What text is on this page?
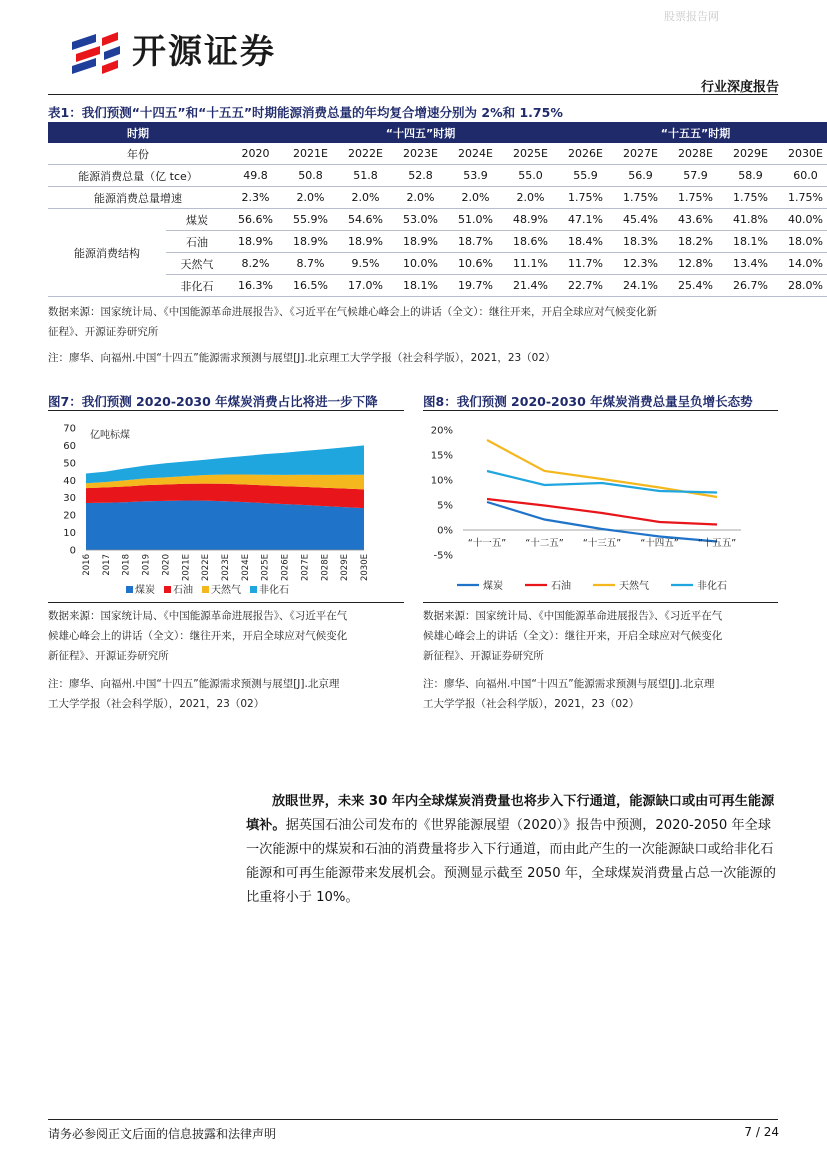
开源证券
股票报告网
行业深度报告
表1：我们预测“十四五”和“十五五”时期能源消费总量的年均复合增速分别为 2%和 1.75%
时期			“十四五”时期					“十五五”时期				
年份		2020	2021E	2022E	2023E	2024E	2025E	2026E	2027E	2028E	2029E	2030E
能源消费总量（亿 tce）		49.8	50.8	51.8	52.8	53.9	55.0	55.9	56.9	57.9	58.9	60.0
能源消费总量增速		2.3%	2.0%	2.0%	2.0%	2.0%	2.0%	1.75%	1.75%	1.75%	1.75%	1.75%
能源消费结构	煤炭	56.6%	55.9%	54.6%	53.0%	51.0%	48.9%	47.1%	45.4%	43.6%	41.8%	40.0%
	石油	18.9%	18.9%	18.9%	18.9%	18.7%	18.6%	18.4%	18.3%	18.2%	18.1%	18.0%
	天然气	8.2%	8.7%	9.5%	10.0%	10.6%	11.1%	11.7%	12.3%	12.8%	13.4%	14.0%
	非化石	16.3%	16.5%	17.0%	18.1%	19.7%	21.4%	22.7%	24.1%	25.4%	26.7%	28.0%
数据来源：国家统计局、《中国能源革命进展报告》、《习近平在气候雄心峰会上的讲话（全文）：继往开来，开启全球应对气候变化新
征程》、开源证券研究所
注：廖华、向福州.中国“十四五”能源需求预测与展望[J].北京理工大学学报（社会科学版），2021，23（02）
图7：我们预测 2020-2030 年煤炭消费占比将进一步下降	图8：我们预测 2020-2030 年煤炭消费总量呈负增长态势
0
10
20
30
40
50
60
70
亿吨标煤
2016 2017 2018 2019 2020 2021E 2022E 2023E 2024E 2025E 2026E 2027E 2028E 2029E 2030E
煤炭 石油 天然气 非化石
-5%
0%
5%
10%
15%
20%
“十一五” “十二五” “十三五” “十四五” “十五五”
煤炭	石油	天然气	非化石
数据来源：国家统计局、《中国能源革命进展报告》、《习近平在气
候雄心峰会上的讲话（全文）：继往开来，开启全球应对气候变化
新征程》、开源证券研究所
注：廖华、向福州.中国“十四五”能源需求预测与展望[J].北京理
工大学学报（社会科学版），2021，23（02）
数据来源：国家统计局、《中国能源革命进展报告》、《习近平在气
候雄心峰会上的讲话（全文）：继往开来，开启全球应对气候变化
新征程》、开源证券研究所
注：廖华、向福州.中国“十四五”能源需求预测与展望[J].北京理
工大学学报（社会科学版），2021，23（02）
放眼世界，未来 30 年内全球煤炭消费量也将步入下行通道，能源缺口或由可再生能源填补。据英国石油公司发布的《世界能源展望（2020）》报告中预测，2020-2050 年全球一次能源中的煤炭和石油的消费量将步入下行通道，而由此产生的一次能源缺口或给非化石能源和可再生能源带来发展机会。预测显示截至 2050 年，全球煤炭消费量占总一次能源的比重将小于 10%。
请务必参阅正文后面的信息披露和法律声明	7 / 24
